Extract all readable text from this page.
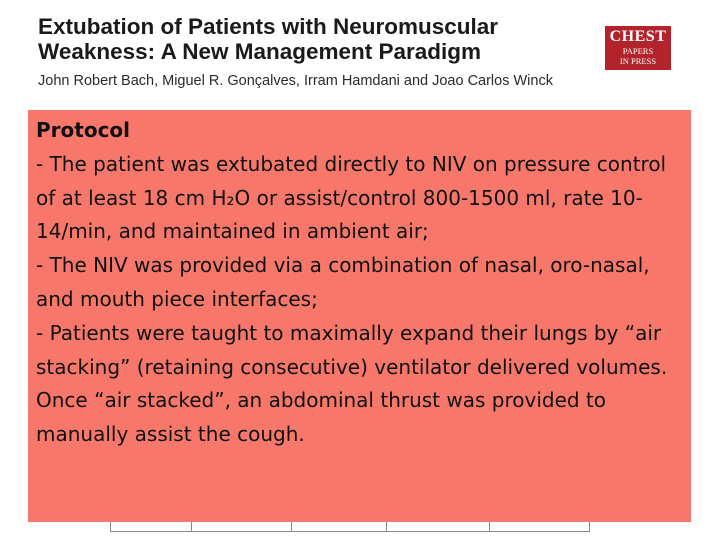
Extubation of Patients with Neuromuscular
Weakness: A New Management Paradigm
John Robert Bach, Miguel R. Gonçalves, Irram Hamdani and Joao Carlos Winck
CHEST
PAPERS
IN PRESS
Protocol

- The patient was extubated directly to NIV on pressure control of at least 18 cm H₂O or assist/control 800-1500 ml, rate 10-14/min, and maintained in ambient air;

- The NIV was provided via a combination of nasal, oro-nasal, and mouth piece interfaces;

- Patients were taught to maximally expand their lungs by “air stacking” (retaining consecutive) ventilator delivered volumes. Once “air stacked”, an abdominal thrust was provided to manually assist the cough.
